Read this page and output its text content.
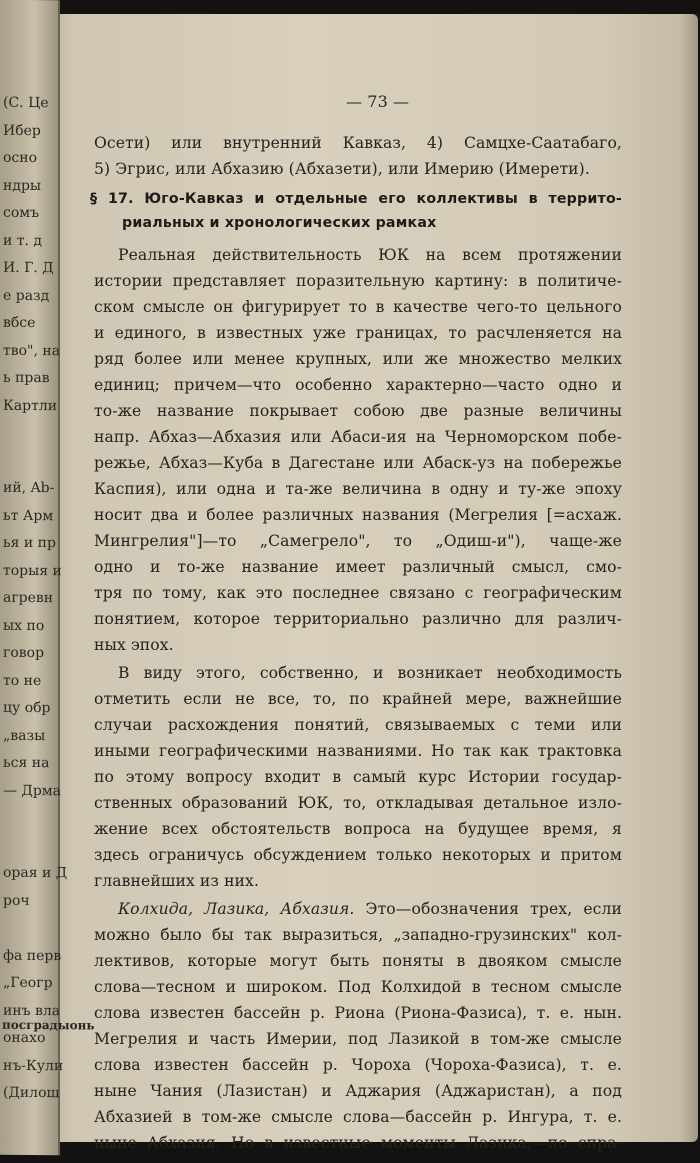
— 73 —
Осети) или внутренний Кавказ, 4) Самцхе-Саатабаго,
5) Эгрис, или Абхазию (Абхазети), или Имерию (Имерети).
§ 17. Юго-Кавказ и отдельные его коллективы в террито-
риальных и хронологических рамках
Реальная действительность ЮК на всем протяжении
истории представляет поразительную картину: в политиче-
ском смысле он фигурирует то в качестве чего-то цельного
и единого, в известных уже границах, то расчленяется на
ряд более или менее крупных, или же множество мелких
единиц; причем—что особенно характерно—часто одно и
то-же название покрывает собою две разные величины
напр. Абхаз—Абхазия или Абаси-ия на Черноморском побе-
режье, Абхаз—Куба в Дагестане или Абаск-уз на побережье
Каспия), или одна и та-же величина в одну и ту-же эпоху
носит два и более различных названия (Мегрелия [=асхаж.
Мингрелия"]—то „Самегрело", то „Одиш-и"), чаще-же
одно и то-же название имеет различный смысл, смо-
тря по тому, как это последнее связано с географическим
понятием, которое территориально различно для различ-
ных эпох.
В виду этого, собственно, и возникает необходимость
отметить если не все, то, по крайней мере, важнейшие
случаи расхождения понятий, связываемых с теми или
иными географическими названиями. Но так как трактовка
по этому вопросу входит в самый курс Истории государ-
ственных образований ЮК, то, откладывая детальное изло-
жение всех обстоятельств вопроса на будущее время, я
здесь ограничусь обсуждением только некоторых и притом
главнейших из них.
Колхида, Лазика, Абхазия. Это—обозначения трех, если
можно было бы так выразиться, „западно-грузинских" кол-
лективов, которые могут быть поняты в двояком смысле
слова—тесном и широком. Под Колхидой в тесном смысле
слова известен бассейн р. Риона (Риона-Фазиса), т. е. нын.
Мегрелия и часть Имерии, под Лазикой в том-же смысле
слова известен бассейн р. Чороха (Чороха-Фазиса), т. е.
ныне Чания (Лазистан) и Аджария (Аджаристан), а под
Абхазией в том-же смысле слова—бассейн р. Ингура, т. е.
ныне Абхазия. Но в известные моменты Лазика,—по спра-
(С. Це
Ибер
осно
ндры
сомъ
и т. д
И. Г. Д
е разд
вбсе
тво", на
ь прав
Картли
ий, Ab-
ьт Арм
ья и пр
торыя и
агревн
ых по
говор
то не
цу обр
„вазы
ься на
— Дрма
орая и Д
роч
фа перв
„Геогр
инъ вла
онахо
нъ-Кули
(Дилош
посградыонь
